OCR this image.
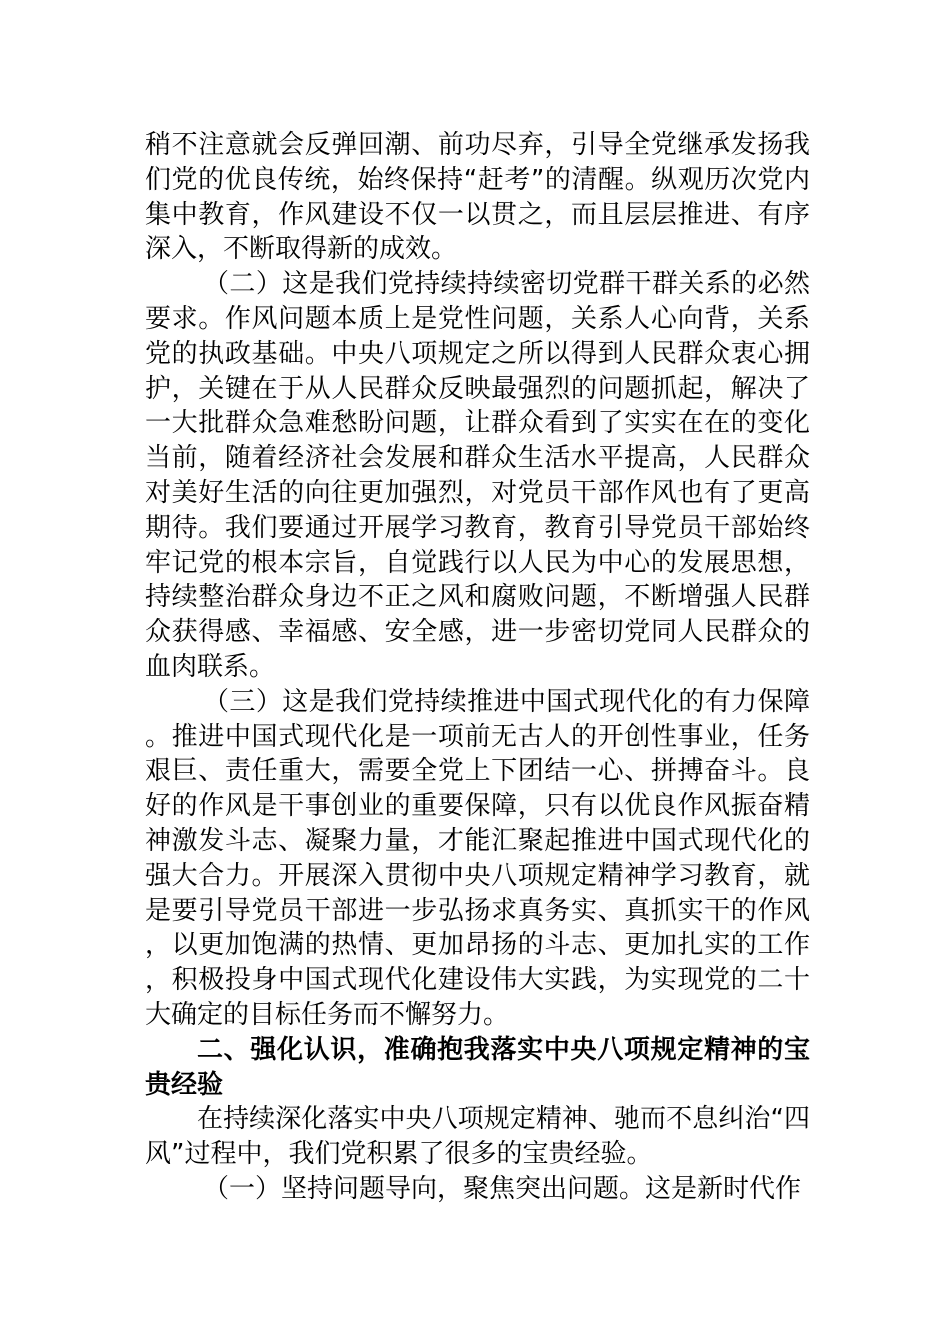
稍不注意就会反弹回潮、前功尽弃，引导全党继承发扬我们党的优良传统，始终保持“赶考”的清醒。纵观历次党内集中教育，作风建设不仅一以贯之，而且层层推进、有序深入，不断取得新的成效。

（二）这是我们党持续持续密切党群干群关系的必然要求。作风问题本质上是党性问题，关系人心向背，关系党的执政基础。中央八项规定之所以得到人民群众衷心拥护，关键在于从人民群众反映最强烈的问题抓起，解决了一大批群众急难愁盼问题，让群众看到了实实在在的变化当前，随着经济社会发展和群众生活水平提高，人民群众对美好生活的向往更加强烈，对党员干部作风也有了更高期待。我们要通过开展学习教育，教育引导党员干部始终牢记党的根本宗旨，自觉践行以人民为中心的发展思想，持续整治群众身边不正之风和腐败问题，不断增强人民群众获得感、幸福感、安全感，进一步密切党同人民群众的血肉联系。

（三）这是我们党持续推进中国式现代化的有力保障。推进中国式现代化是一项前无古人的开创性事业，任务艰巨、责任重大，需要全党上下团结一心、拼搏奋斗。良好的作风是干事创业的重要保障，只有以优良作风振奋精神激发斗志、凝聚力量，才能汇聚起推进中国式现代化的强大合力。开展深入贯彻中央八项规定精神学习教育，就是要引导党员干部进一步弘扬求真务实、真抓实干的作风，以更加饱满的热情、更加昂扬的斗志、更加扎实的工作，积极投身中国式现代化建设伟大实践，为实现党的二十大确定的目标任务而不懈努力。

二、强化认识，准确抱我落实中央八项规定精神的宝贵经验

在持续深化落实中央八项规定精神、驰而不息纠治“四风”过程中，我们党积累了很多的宝贵经验。

（一）坚持问题导向，聚焦突出问题。这是新时代作
